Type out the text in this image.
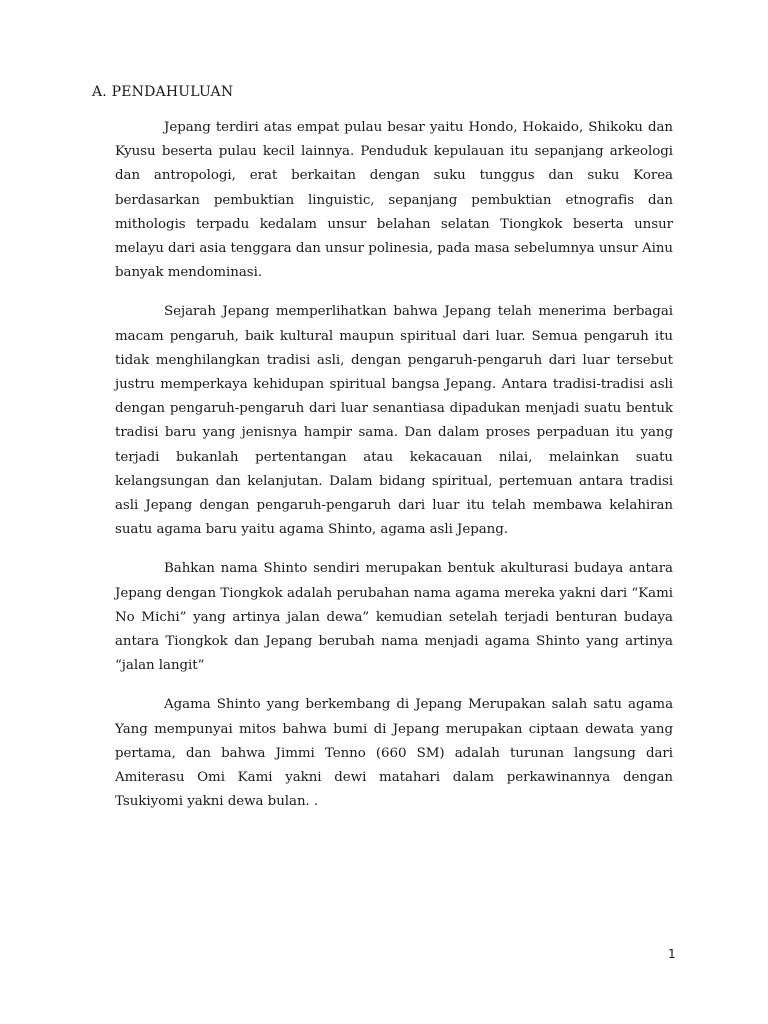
A. PENDAHULUAN

Jepang terdiri atas empat pulau besar yaitu Hondo, Hokaido, Shikoku dan Kyusu beserta pulau kecil lainnya. Penduduk kepulauan itu sepanjang arkeologi dan antropologi, erat berkaitan dengan suku tunggus dan suku Korea berdasarkan pembuktian linguistic, sepanjang pembuktian etnografis dan mithologis terpadu kedalam unsur belahan selatan Tiongkok beserta unsur melayu dari asia tenggara dan unsur polinesia, pada masa sebelumnya unsur Ainu banyak mendominasi.

Sejarah Jepang memperlihatkan bahwa Jepang telah menerima berbagai macam pengaruh, baik kultural maupun spiritual dari luar. Semua pengaruh itu tidak menghilangkan tradisi asli, dengan pengaruh-pengaruh dari luar tersebut justru memperkaya kehidupan spiritual bangsa Jepang. Antara tradisi-tradisi asli dengan pengaruh-pengaruh dari luar senantiasa dipadukan menjadi suatu bentuk tradisi baru yang jenisnya hampir sama. Dan dalam proses perpaduan itu yang terjadi bukanlah pertentangan atau kekacauan nilai, melainkan suatu kelangsungan dan kelanjutan. Dalam bidang spiritual, pertemuan antara tradisi asli Jepang dengan pengaruh-pengaruh dari luar itu telah membawa kelahiran suatu agama baru yaitu agama Shinto, agama asli Jepang.

Bahkan nama Shinto sendiri merupakan bentuk akulturasi budaya antara Jepang dengan Tiongkok adalah perubahan nama agama mereka yakni dari “Kami No Michi” yang artinya jalan dewa” kemudian setelah terjadi benturan budaya antara Tiongkok dan Jepang berubah nama menjadi agama Shinto yang artinya “jalan langit”

Agama Shinto yang berkembang di Jepang Merupakan salah satu agama Yang mempunyai mitos bahwa bumi di Jepang merupakan ciptaan dewata yang pertama, dan bahwa Jimmi Tenno (660 SM) adalah turunan langsung dari Amiterasu Omi Kami yakni dewi matahari dalam perkawinannya dengan Tsukiyomi yakni dewa bulan. .

1
